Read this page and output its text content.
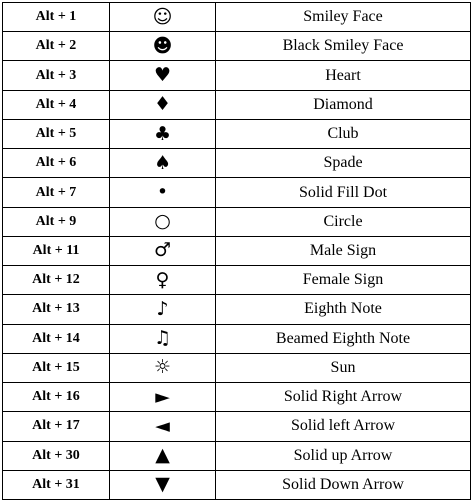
Alt + 1	☺	Smiley Face
Alt + 2	☻	Black Smiley Face
Alt + 3	♥	Heart
Alt + 4	♦	Diamond
Alt + 5	♣	Club
Alt + 6	♠	Spade
Alt + 7	•	Solid Fill Dot
Alt + 9	○	Circle
Alt + 11	♂	Male Sign
Alt + 12	♀	Female Sign
Alt + 13	♪	Eighth Note
Alt + 14	♫	Beamed Eighth Note
Alt + 15	☼	Sun
Alt + 16	►	Solid Right Arrow
Alt + 17	◄	Solid left Arrow
Alt + 30	▲	Solid up Arrow
Alt + 31	▼	Solid Down Arrow
